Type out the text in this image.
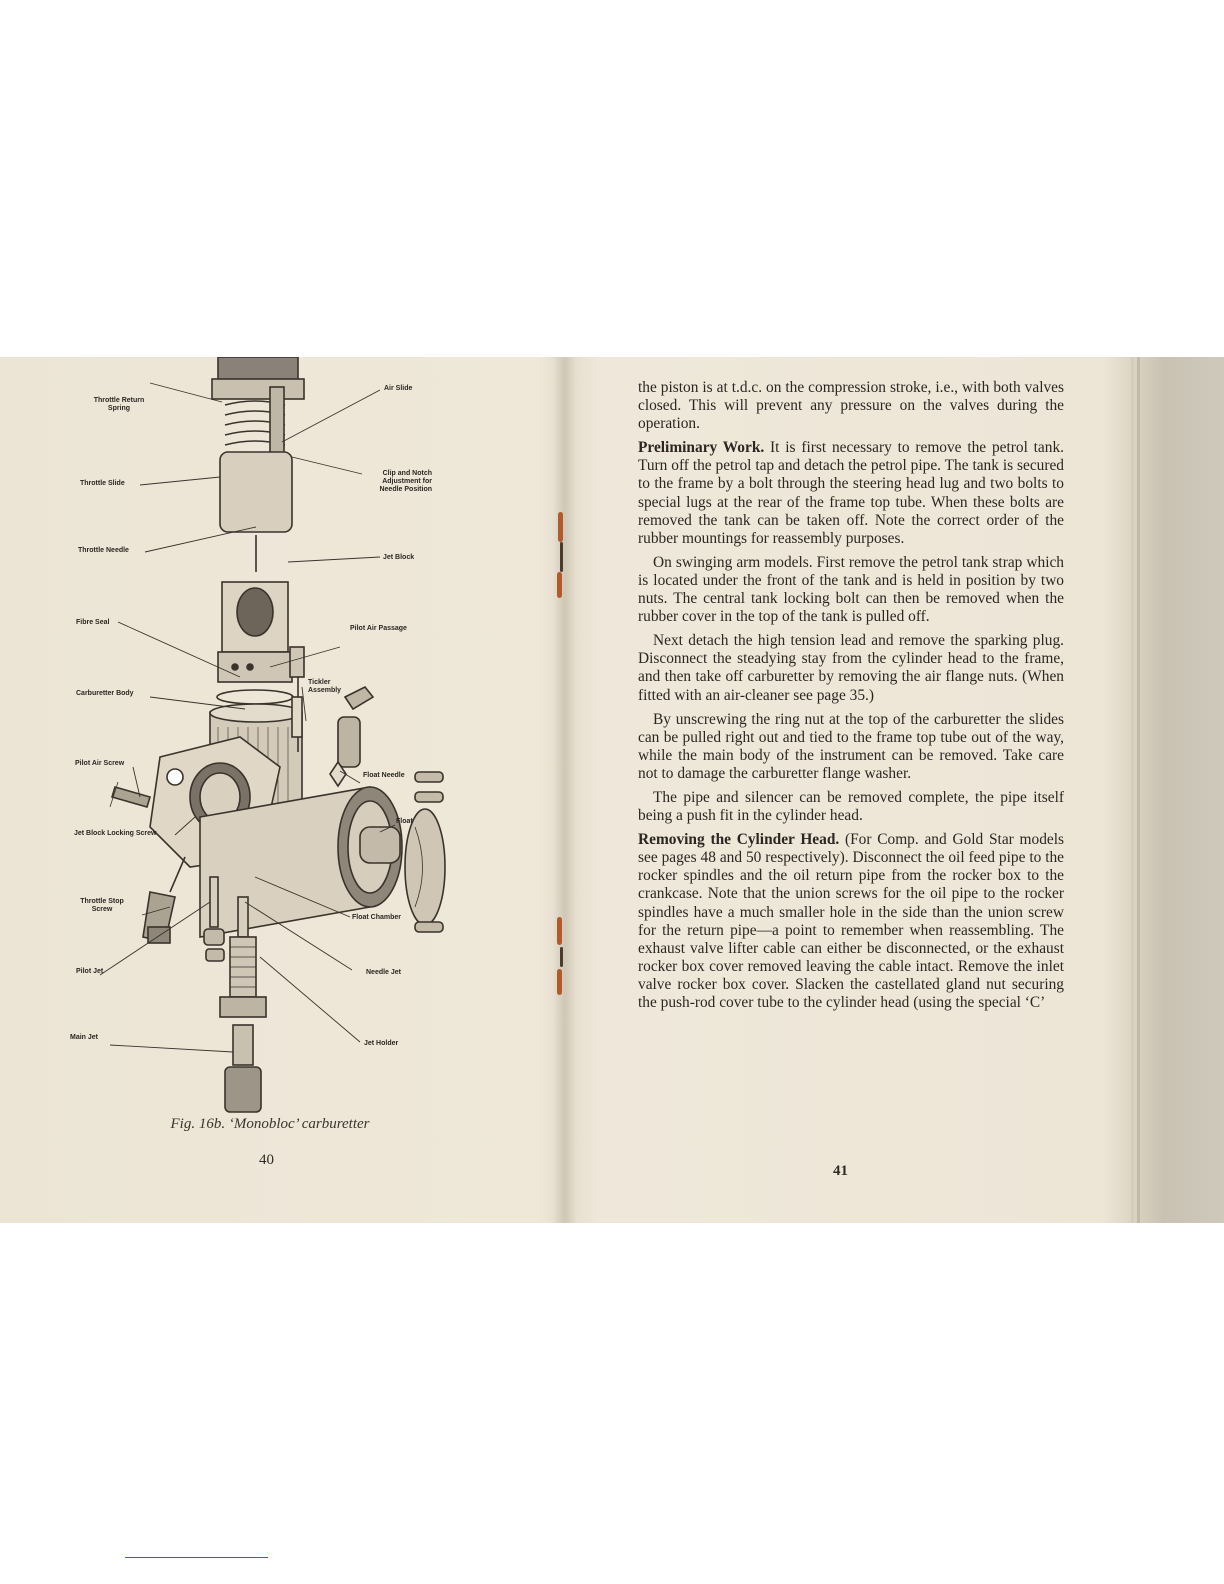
Throttle Return
Spring
Air Slide
Throttle Slide
Clip and Notch
Adjustment for
Needle Position
Throttle Needle
Jet Block
Fibre Seal
Pilot Air Passage
Tickler
Assembly
Carburetter Body
Pilot Air Screw
Float Needle
Float
Jet Block Locking Screw
Throttle Stop
Screw
Float Chamber
Pilot Jet	Needle Jet
Main Jet
Jet Holder
Fig. 16b. ‘Monobloc’ carburetter
40
41

the piston is at t.d.c. on the compression stroke, i.e., with both valves closed. This will prevent any pressure on the valves during the operation.

Preliminary Work. It is first necessary to remove the petrol tank. Turn off the petrol tap and detach the petrol pipe. The tank is secured to the frame by a bolt through the steering head lug and two bolts to special lugs at the rear of the frame top tube. When these bolts are removed the tank can be taken off. Note the correct order of the rubber mountings for reassembly purposes.

On swinging arm models. First remove the petrol tank strap which is located under the front of the tank and is held in position by two nuts. The central tank locking bolt can then be removed when the rubber cover in the top of the tank is pulled off.

Next detach the high tension lead and remove the sparking plug. Disconnect the steadying stay from the cylinder head to the frame, and then take off carburetter by removing the air flange nuts. (When fitted with an air-cleaner see page 35.)

By unscrewing the ring nut at the top of the carburetter the slides can be pulled right out and tied to the frame top tube out of the way, while the main body of the instrument can be removed. Take care not to damage the carburetter flange washer.

The pipe and silencer can be removed complete, the pipe itself being a push fit in the cylinder head.

Removing the Cylinder Head. (For Comp. and Gold Star models see pages 48 and 50 respectively). Disconnect the oil feed pipe to the rocker spindles and the oil return pipe from the rocker box to the crankcase. Note that the union screws for the oil pipe to the rocker spindles have a much smaller hole in the side than the union screw for the return pipe—a point to remember when reassembling. The exhaust valve lifter cable can either be disconnected, or the exhaust rocker box cover removed leaving the cable intact. Remove the inlet valve rocker box cover. Slacken the castellated gland nut securing the push-rod cover tube to the cylinder head (using the special ‘C’
